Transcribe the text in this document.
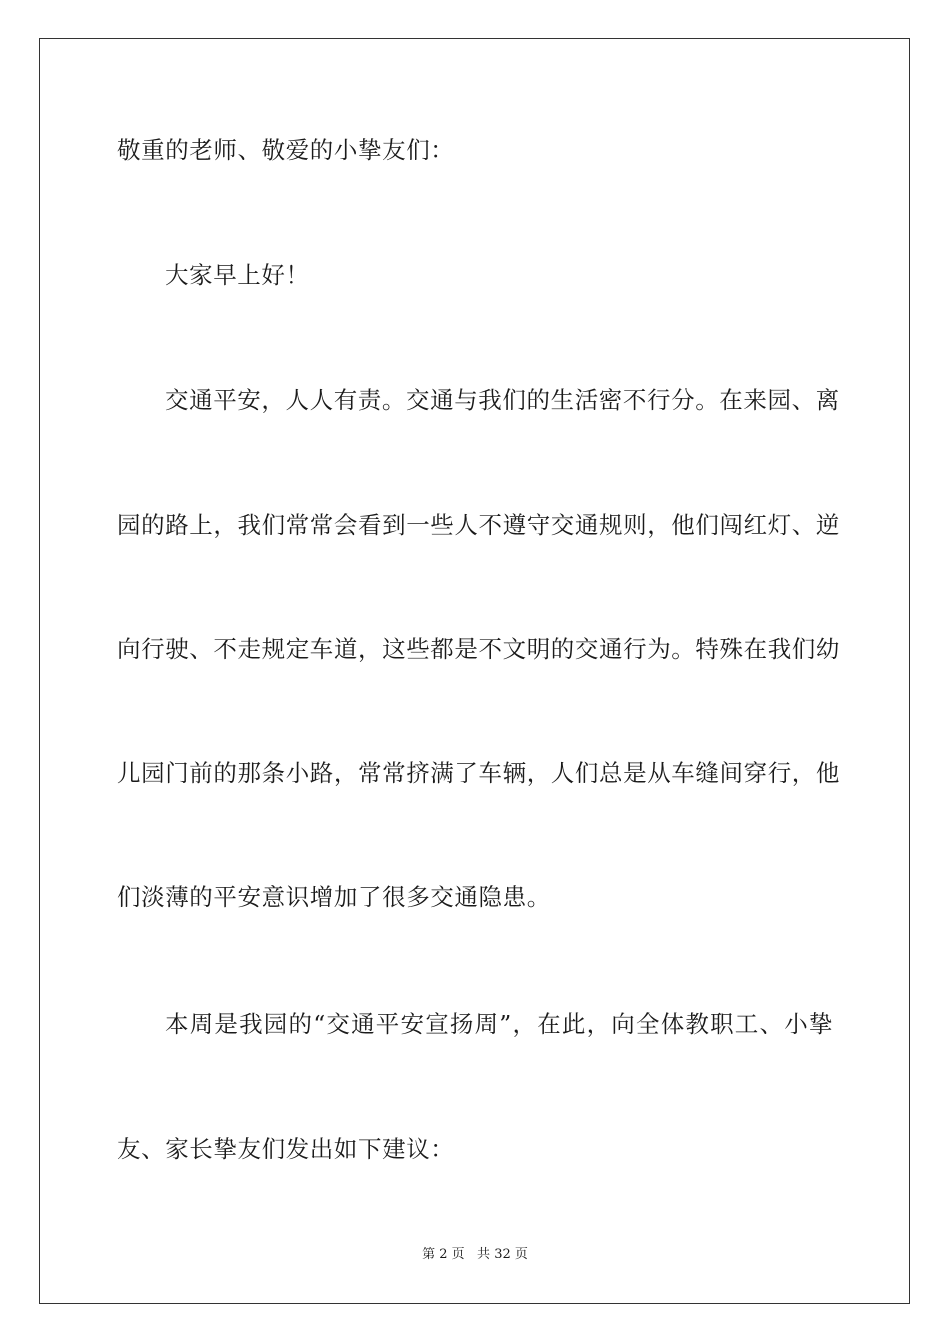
敬重的老师、敬爱的小挚友们：
大家早上好！
交通平安，人人有责。交通与我们的生活密不行分。在来园、离
园的路上，我们常常会看到一些人不遵守交通规则，他们闯红灯、逆
向行驶、不走规定车道，这些都是不文明的交通行为。特殊在我们幼
儿园门前的那条小路，常常挤满了车辆，人们总是从车缝间穿行，他
们淡薄的平安意识增加了很多交通隐患。
本周是我园的“交通平安宣扬周”，在此，向全体教职工、小挚
友、家长挚友们发出如下建议：
第 2 页   共 32 页
